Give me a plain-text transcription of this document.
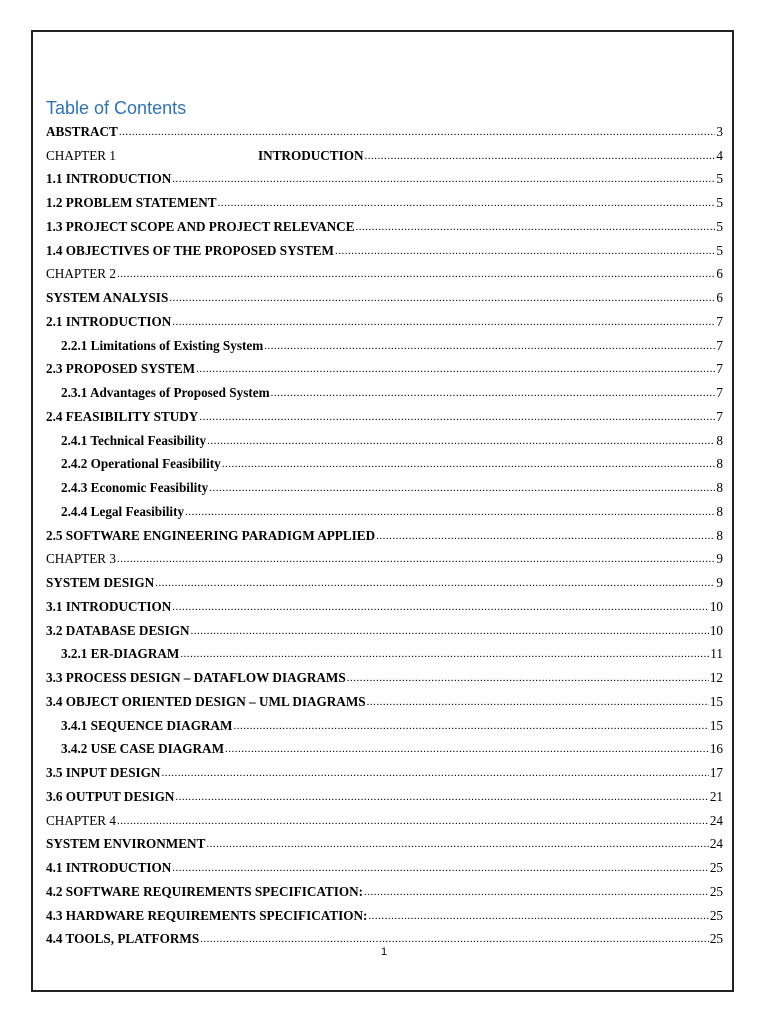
Table of Contents
ABSTRACT .....	3
CHAPTER 1	INTRODUCTION .....	4
1.1 INTRODUCTION .....	5
1.2 PROBLEM STATEMENT .....	5
1.3 PROJECT SCOPE AND PROJECT RELEVANCE .....	5
1.4 OBJECTIVES OF THE PROPOSED SYSTEM .....	5
CHAPTER 2 .....	6
SYSTEM ANALYSIS .....	6
2.1 INTRODUCTION .....	7
2.2.1 Limitations of Existing System .....	7
2.3 PROPOSED SYSTEM .....	7
2.3.1 Advantages of Proposed System .....	7
2.4 FEASIBILITY STUDY .....	7
2.4.1 Technical Feasibility .....	8
2.4.2 Operational Feasibility .....	8
2.4.3 Economic Feasibility .....	8
2.4.4 Legal Feasibility .....	8
2.5 SOFTWARE ENGINEERING PARADIGM APPLIED .....	8
CHAPTER 3 .....	9
SYSTEM DESIGN .....	9
3.1 INTRODUCTION .....	10
3.2 DATABASE DESIGN .....	10
3.2.1 ER-DIAGRAM .....	11
3.3 PROCESS DESIGN – DATAFLOW DIAGRAMS .....	12
3.4 OBJECT ORIENTED DESIGN – UML DIAGRAMS .....	15
3.4.1 SEQUENCE DIAGRAM .....	15
3.4.2 USE CASE DIAGRAM .....	16
3.5 INPUT DESIGN .....	17
3.6 OUTPUT DESIGN .....	21
CHAPTER 4 .....	24
SYSTEM ENVIRONMENT .....	24
4.1 INTRODUCTION .....	25
4.2 SOFTWARE REQUIREMENTS SPECIFICATION: .....	25
4.3 HARDWARE REQUIREMENTS SPECIFICATION: .....	25
4.4 TOOLS, PLATFORMS .....	25
1
